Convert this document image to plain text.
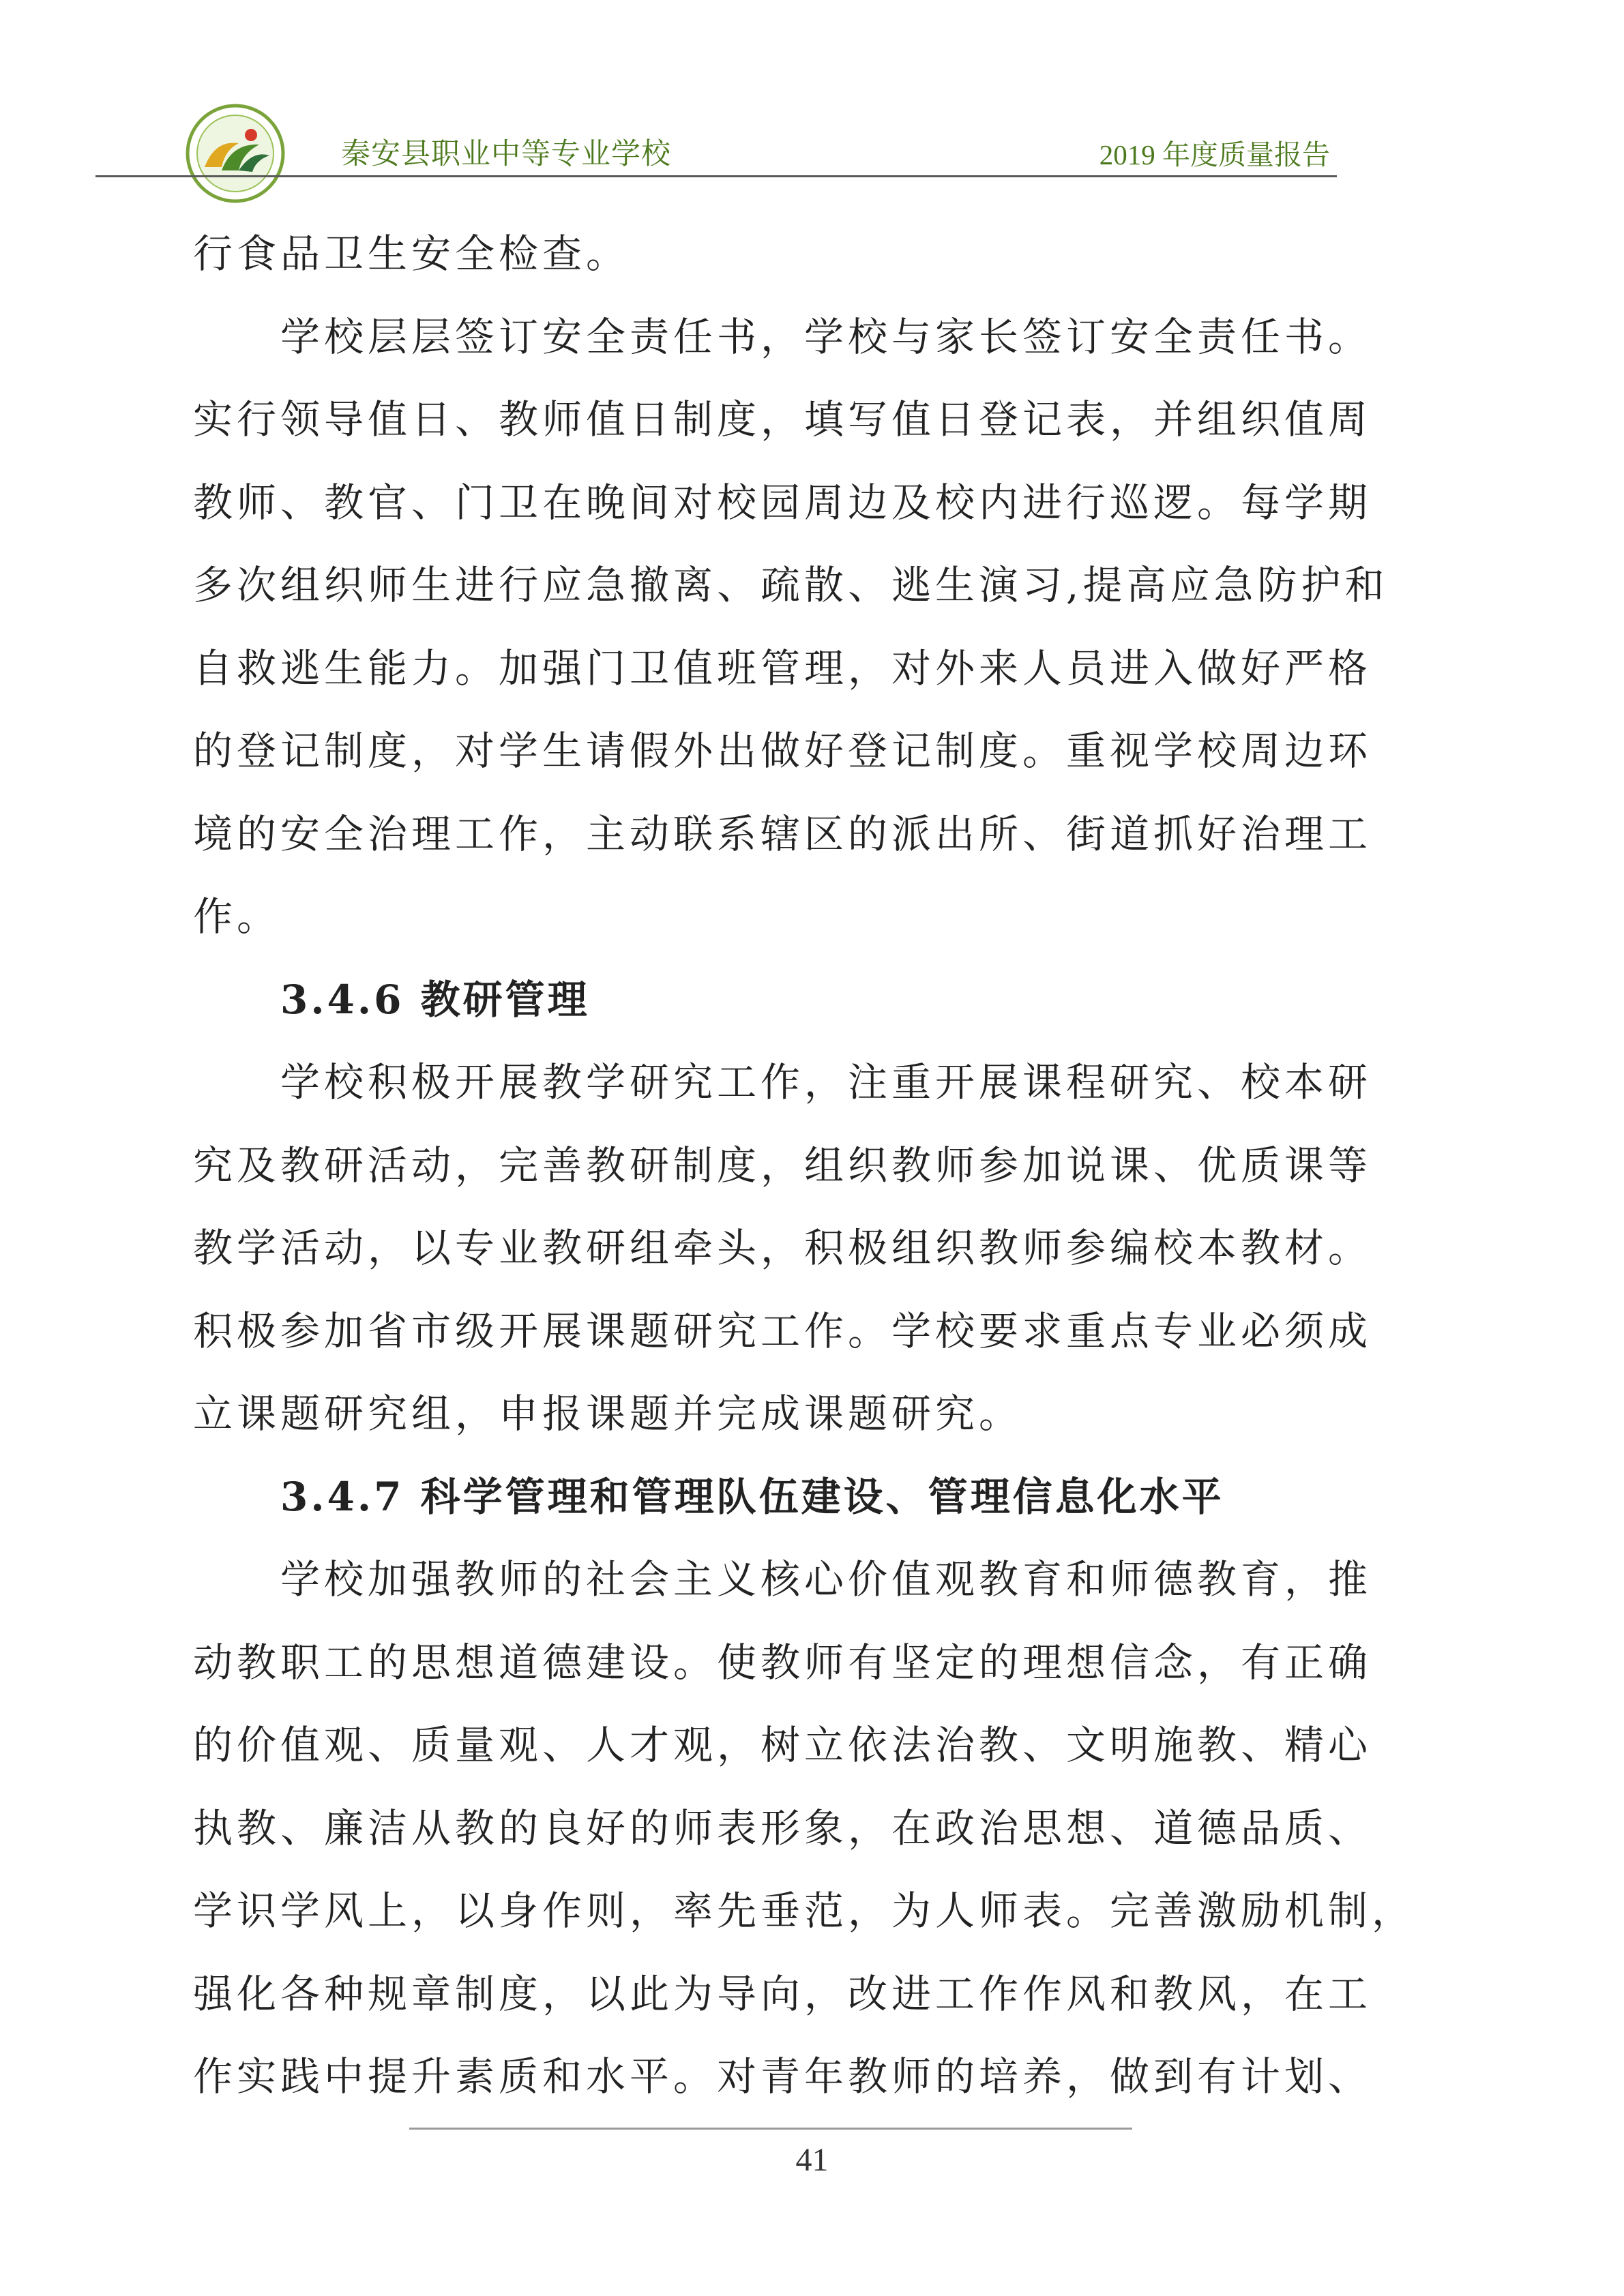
秦安县职业中等专业学校	2019 年度质量报告

行食品卫生安全检查。

学校层层签订安全责任书，学校与家长签订安全责任书。

实行领导值日、教师值日制度，填写值日登记表，并组织值周

教师、教官、门卫在晚间对校园周边及校内进行巡逻。每学期

多次组织师生进行应急撤离、疏散、逃生演习,提高应急防护和

自救逃生能力。加强门卫值班管理，对外来人员进入做好严格

的登记制度，对学生请假外出做好登记制度。重视学校周边环

境的安全治理工作，主动联系辖区的派出所、街道抓好治理工

作。

3.4.6 教研管理

学校积极开展教学研究工作，注重开展课程研究、校本研

究及教研活动，完善教研制度，组织教师参加说课、优质课等

教学活动，以专业教研组牵头，积极组织教师参编校本教材。

积极参加省市级开展课题研究工作。学校要求重点专业必须成

立课题研究组，申报课题并完成课题研究。

3.4.7 科学管理和管理队伍建设、管理信息化水平

学校加强教师的社会主义核心价值观教育和师德教育，推

动教职工的思想道德建设。使教师有坚定的理想信念，有正确

的价值观、质量观、人才观，树立依法治教、文明施教、精心

执教、廉洁从教的良好的师表形象，在政治思想、道德品质、

学识学风上，以身作则，率先垂范，为人师表。完善激励机制，

强化各种规章制度，以此为导向，改进工作作风和教风，在工

作实践中提升素质和水平。对青年教师的培养，做到有计划、

41
